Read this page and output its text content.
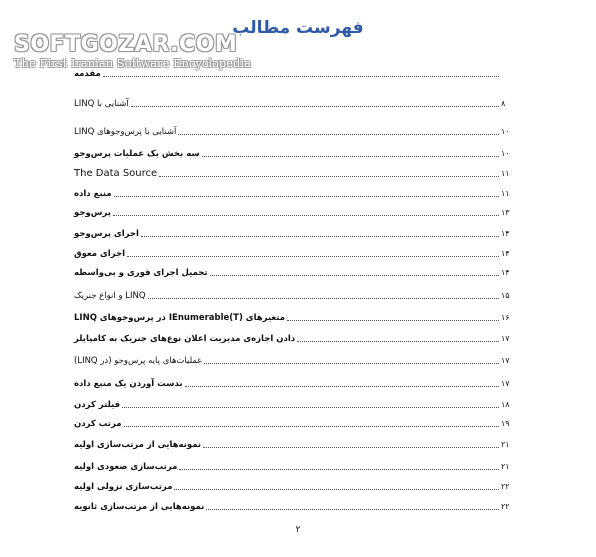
SOFTGOZAR.COM
The First Iranian Software Encyclopedia
فهرست مطالب
مقدمه
آشنایی با LINQ	۸
آشنایی با پرس‌وجوهای LINQ	۱۰
سه بخش یک عملیات پرس‌وجو	۱۰
The Data Source	۱۱
منبع داده	۱۱
پرس‌وجو	۱۳
اجرای پرس‌وجو	۱۴
اجرای معوق	۱۴
تحمیل اجرای فوری و بی‌واسطه	۱۴
LINQ و انواع جنریک	۱۵
متغیرهای IEnumerable(T) در پرس‌وجوهای LINQ	۱۶
دادن اجازه‌ی مدیریت اعلان نوع‌های جنریک به کامپایلر	۱۷
عملیات‌های پایه پرس‌وجو (در LINQ)	۱۷
بدست آوردن یک منبع داده	۱۷
فیلتر کردن	۱۸
مرتب کردن	۱۹
نمونه‌هایی از مرتب‌سازی اولیه	۲۱
مرتب‌سازی صعودی اولیه	۲۱
مرتب‌سازی نزولی اولیه	۲۲
نمونه‌هایی از مرتب‌سازی ثانویه	۲۲
۲
